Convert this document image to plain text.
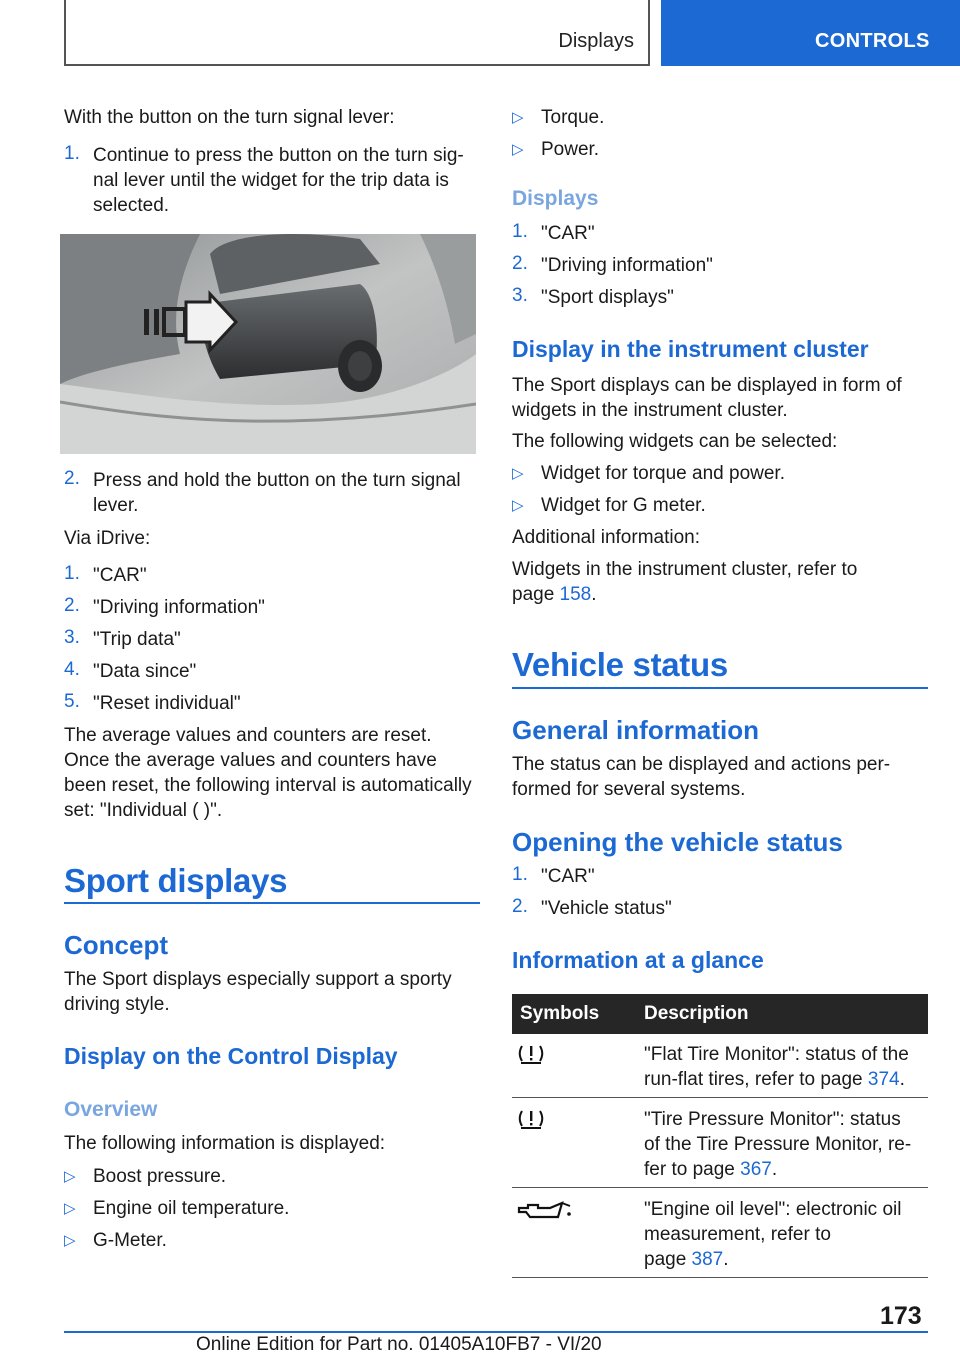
Displays	CONTROLS
With the button on the turn signal lever:
1. Continue to press the button on the turn sig-
nal lever until the widget for the trip data is
selected.
2. Press and hold the button on the turn signal
lever.
Via iDrive:
1. "CAR"
2. "Driving information"
3. "Trip data"
4. "Data since"
5. "Reset individual"
The average values and counters are reset.
Once the average values and counters have
been reset, the following interval is automatically
set: "Individual ( )".
Sport displays
Concept
The Sport displays especially support a sporty
driving style.
Display on the Control Display
Overview
The following information is displayed:
▷ Boost pressure.
▷ Engine oil temperature.
▷ G-Meter.
▷ Torque.
▷ Power.
Displays
1. "CAR"
2. "Driving information"
3. "Sport displays"
Display in the instrument cluster
The Sport displays can be displayed in form of
widgets in the instrument cluster.
The following widgets can be selected:
▷ Widget for torque and power.
▷ Widget for G meter.
Additional information:
Widgets in the instrument cluster, refer to
page 158.
Vehicle status
General information
The status can be displayed and actions per-
formed for several systems.
Opening the vehicle status
1. "CAR"
2. "Vehicle status"
Information at a glance
Symbols Description
"Flat Tire Monitor": status of the
run-flat tires, refer to page 374.
"Tire Pressure Monitor": status
of the Tire Pressure Monitor, re-
fer to page 367.
"Engine oil level": electronic oil
measurement, refer to
page 387.
173
Online Edition for Part no. 01405A10FB7 - VI/20
